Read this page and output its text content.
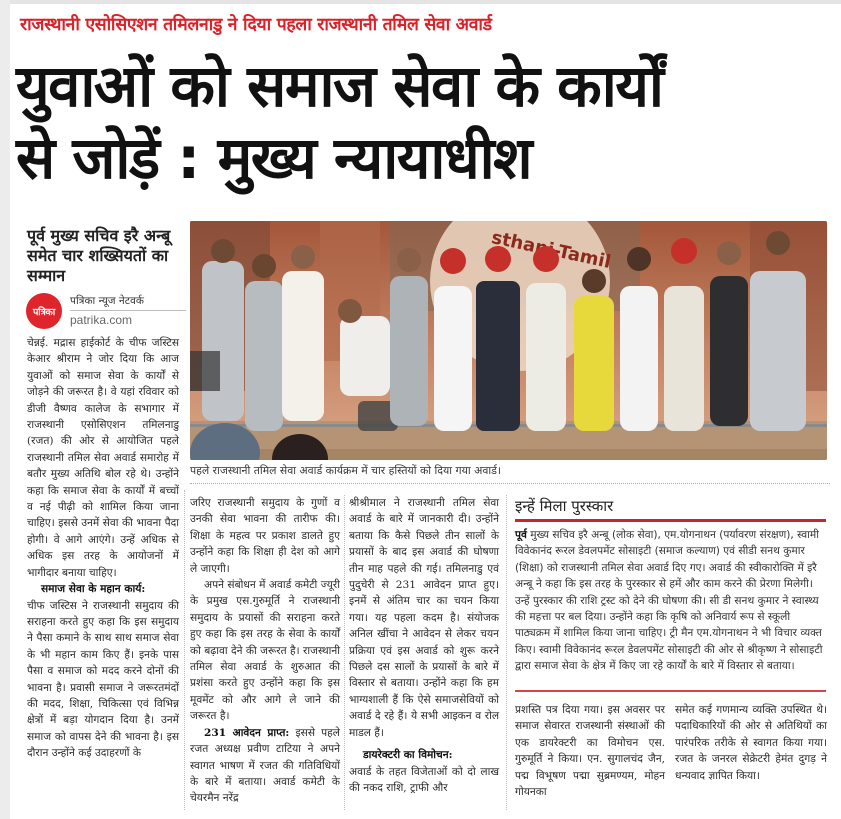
राजस्थानी एसोसिएशन तमिलनाडु ने दिया पहला राजस्थानी तमिल सेवा अवार्ड
युवाओं को समाज सेवा के कार्यों
से जोड़ें : मुख्य न्यायाधीश
पूर्व मुख्य सचिव इरै अन्बू समेत चार शख्सियतों का सम्मान
पत्रिका
पत्रिका न्यूज नेटवर्क
patrika.com

चेन्नई. मद्रास हाईकोर्ट के चीफ जस्टिस केआर श्रीराम ने जोर दिया कि आज युवाओं को समाज सेवा के कार्यों से जोड़ने की जरूरत है। वे यहां रविवार को डीजी वैष्णव कालेज के सभागार में राजस्थानी एसोसिएशन तमिलनाडु (रजत) की ओर से आयोजित पहले राजस्थानी तमिल सेवा अवार्ड समारोह में बतौर मुख्य अतिथि बोल रहे थे। उन्होंने कहा कि समाज सेवा के कार्यों में बच्चों व नई पीढ़ी को शामिल किया जाना चाहिए। इससे उनमें सेवा की भावना पैदा होगी। वे आगे आएंगे। उन्हें अधिक से अधिक इस तरह के आयोजनों में भागीदार बनाया चाहिए।

समाज सेवा के महान कार्य:

चीफ जस्टिस ने राजस्थानी समुदाय की सराहना करते हुए कहा कि इस समुदाय ने पैसा कमाने के साथ साथ समाज सेवा के भी महान काम किए हैं। इनके पास पैसा व समाज को मदद करने दोनों की भावना है। प्रवासी समाज ने जरूरतमंदों की मदद, शिक्षा, चिकित्सा एवं विभिन्न क्षेत्रों में बड़ा योगदान दिया है। उनमें समाज को वापस देने की भावना है। इस दौरान उन्होंने कई उदाहरणों के

पहले राजस्थानी तमिल सेवा अवार्ड कार्यक्रम में चार हस्तियों को दिया गया अवार्ड।

जरिए राजस्थानी समुदाय के गुणों व उनकी सेवा भावना की तारीफ की। शिक्षा के महत्व पर प्रकाश डालते हुए उन्होंने कहा कि शिक्षा ही देश को आगे ले जाएगी।

अपने संबोधन में अवार्ड कमेटी ज्यूरी के प्रमुख एस.गुरुमूर्ति ने राजस्थानी समुदाय के प्रयासों की सराहना करते हुए कहा कि इस तरह के सेवा के कार्यों को बढ़ावा देने की जरूरत है। राजस्थानी तमिल सेवा अवार्ड के शुरुआत की प्रशंसा करते हुए उन्होंने कहा कि इस मूवमेंट को और आगे ले जाने की जरूरत है।

231 आवेदन प्राप्त: इससे पहले रजत अध्यक्ष प्रवीण टाटिया ने अपने स्वागत भाषण में रजत की गतिविधियों के बारे में बताया। अवार्ड कमेटी के चेयरमैन नरेंद्र

श्रीश्रीमाल ने राजस्थानी तमिल सेवा अवार्ड के बारे में जानकारी दी। उन्होंने बताया कि कैसे पिछले तीन सालों के प्रयासों के बाद इस अवार्ड की घोषणा तीन माह पहले की गई। तमिलनाडु एवं पुदुचेरी से 231 आवेदन प्राप्त हुए। इनमें से अंतिम चार का चयन किया गया। यह पहला कदम है। संयोजक अनिल खींचा ने आवेदन से लेकर चयन प्रक्रिया एवं इस अवार्ड को शुरू करने पिछले दस सालों के प्रयासों के बारे में विस्तार से बताया। उन्होंने कहा कि हम भाग्यशाली हैं कि ऐसे समाजसेवियों को अवार्ड दे रहे हैं। ये सभी आइकन व रोल माडल हैं।

डायरेक्टरी का विमोचन:

अवार्ड के तहत विजेताओं को दो लाख की नकद राशि, ट्राफी और

इन्हें मिला पुरस्कार

पूर्व मुख्य सचिव इरै अन्बू (लोक सेवा), एम.योगनाथन (पर्यावरण संरक्षण), स्वामी विवेकानंद रूरल डेवलपमेंट सोसाइटी (समाज कल्याण) एवं सीडी सनथ कुमार (शिक्षा) को राजस्थानी तमिल सेवा अवार्ड दिए गए। अवार्ड की स्वीकारोक्ति में इरै अन्बू ने कहा कि इस तरह के पुरस्कार से हमें और काम करने की प्रेरणा मिलेगी। उन्हें पुरस्कार की राशि ट्रस्ट को देने की घोषणा की। सी डी सनथ कुमार ने स्वास्थ्य की महत्ता पर बल दिया। उन्होंने कहा कि कृषि को अनिवार्य रूप से स्कूली पाठ्यक्रम में शामिल किया जाना चाहिए। ट्री मैन एम.योगनाथन ने भी विचार व्यक्त किए। स्वामी विवेकानंद रूरल डेवलपमेंट सोसाइटी की ओर से श्रीकृष्ण ने सोसाइटी द्वारा समाज सेवा के क्षेत्र में किए जा रहे कार्यों के बारे में विस्तार से बताया।

प्रशस्ति पत्र दिया गया। इस अवसर पर समाज सेवारत राजस्थानी संस्थाओं की एक डायरेक्टरी का विमोचन एस. गुरुमूर्ति ने किया। एन. सुगालचंद जैन, पद्म विभूषण पद्मा सुब्रमण्यम, मोहन गोयनका

समेत कई गणमान्य व्यक्ति उपस्थित थे। पदाधिकारियों की ओर से अतिथियों का पारंपरिक तरीके से स्वागत किया गया। रजत के जनरल सेक्रेटरी हेमंत दुगड़ ने धन्यवाद ज्ञापित किया।
